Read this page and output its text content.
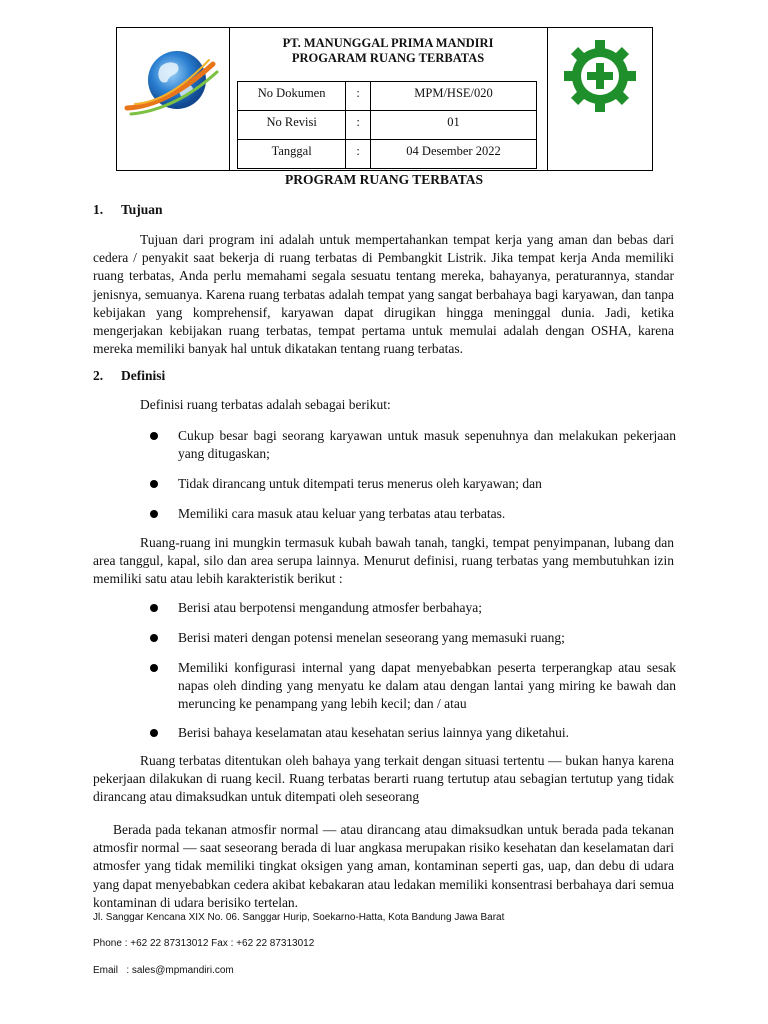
PT. MANUNGGAL PRIMA MANDIRI
PROGARAM RUANG TERBATAS
No Dokumen	:	MPM/HSE/020

No Revisi	:	01

Tanggal	:	04 Desember 2022
PROGRAM RUANG TERBATAS
1. Tujuan
Tujuan dari program ini adalah untuk mempertahankan tempat kerja yang aman dan bebas dari cedera / penyakit saat bekerja di ruang terbatas di Pembangkit Listrik. Jika tempat kerja Anda memiliki ruang terbatas, Anda perlu memahami segala sesuatu tentang mereka, bahayanya, peraturannya, standar jenisnya, semuanya. Karena ruang terbatas adalah tempat yang sangat berbahaya bagi karyawan, dan tanpa kebijakan yang komprehensif, karyawan dapat dirugikan hingga meninggal dunia. Jadi, ketika mengerjakan kebijakan ruang terbatas, tempat pertama untuk memulai adalah dengan OSHA, karena mereka memiliki banyak hal untuk dikatakan tentang ruang terbatas.
2. Definisi
Definisi ruang terbatas adalah sebagai berikut:
Cukup besar bagi seorang karyawan untuk masuk sepenuhnya dan melakukan pekerjaan yang ditugaskan;
Tidak dirancang untuk ditempati terus menerus oleh karyawan; dan
Memiliki cara masuk atau keluar yang terbatas atau terbatas.
Ruang-ruang ini mungkin termasuk kubah bawah tanah, tangki, tempat penyimpanan, lubang dan area tanggul, kapal, silo dan area serupa lainnya. Menurut definisi, ruang terbatas yang membutuhkan izin memiliki satu atau lebih karakteristik berikut :
Berisi atau berpotensi mengandung atmosfer berbahaya;
Berisi materi dengan potensi menelan seseorang yang memasuki ruang;
Memiliki konfigurasi internal yang dapat menyebabkan peserta terperangkap atau sesak napas oleh dinding yang menyatu ke dalam atau dengan lantai yang miring ke bawah dan meruncing ke penampang yang lebih kecil; dan / atau
Berisi bahaya keselamatan atau kesehatan serius lainnya yang diketahui.
Ruang terbatas ditentukan oleh bahaya yang terkait dengan situasi tertentu — bukan hanya karena pekerjaan dilakukan di ruang kecil. Ruang terbatas berarti ruang tertutup atau sebagian tertutup yang tidak dirancang atau dimaksudkan untuk ditempati oleh seseorang
Berada pada tekanan atmosfir normal — atau dirancang atau dimaksudkan untuk berada pada tekanan atmosfir normal — saat seseorang berada di luar angkasa merupakan risiko kesehatan dan keselamatan dari atmosfer yang tidak memiliki tingkat oksigen yang aman, kontaminan seperti gas, uap, dan debu di udara yang dapat menyebabkan cedera akibat kebakaran atau ledakan memiliki konsentrasi berbahaya dari semua kontaminan di udara berisiko tertelan.
Jl. Sanggar Kencana XIX No. 06. Sanggar Hurip, Soekarno-Hatta, Kota Bandung Jawa Barat
Phone : +62 22 87313012 Fax : +62 22 87313012
Email   : sales@mpmandiri.com
